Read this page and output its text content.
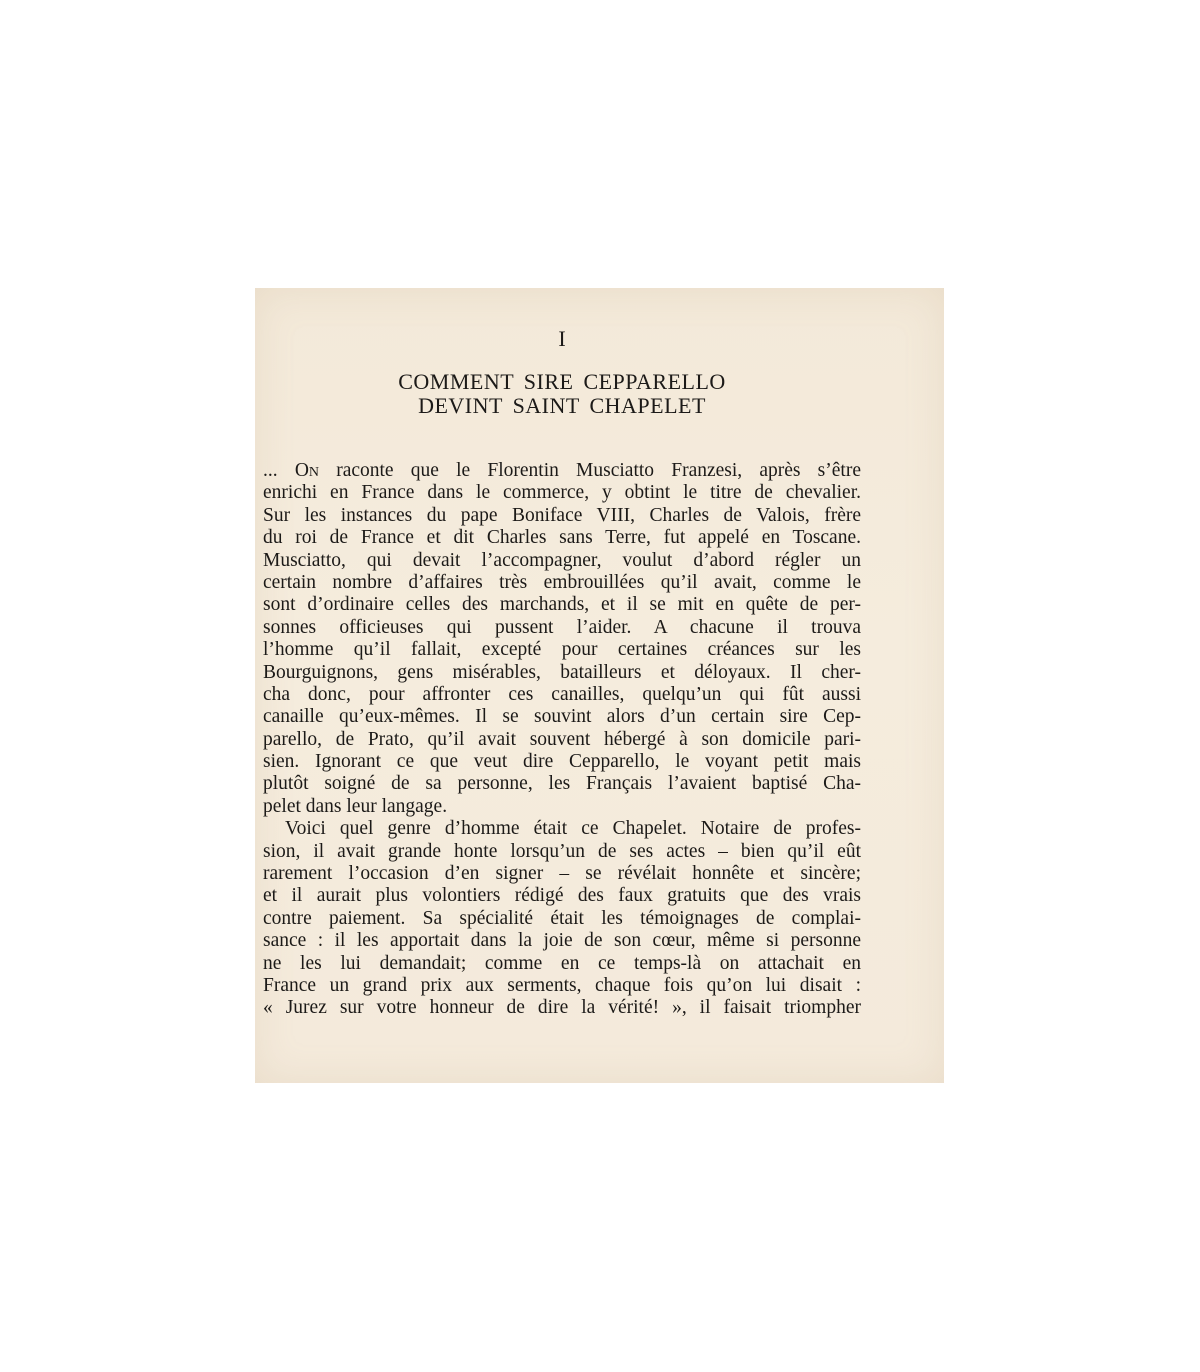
I
COMMENT SIRE CEPPARELLO
DEVINT SAINT CHAPELET
... On raconte que le Florentin Musciatto Franzesi, après s’être
enrichi en France dans le commerce, y obtint le titre de chevalier.
Sur les instances du pape Boniface VIII, Charles de Valois, frère
du roi de France et dit Charles sans Terre, fut appelé en Toscane.
Musciatto, qui devait l’accompagner, voulut d’abord régler un
certain nombre d’affaires très embrouillées qu’il avait, comme le
sont d’ordinaire celles des marchands, et il se mit en quête de per-
sonnes officieuses qui pussent l’aider. A chacune il trouva
l’homme qu’il fallait, excepté pour certaines créances sur les
Bourguignons, gens misérables, batailleurs et déloyaux. Il cher-
cha donc, pour affronter ces canailles, quelqu’un qui fût aussi
canaille qu’eux-mêmes. Il se souvint alors d’un certain sire Cep-
parello, de Prato, qu’il avait souvent hébergé à son domicile pari-
sien. Ignorant ce que veut dire Cepparello, le voyant petit mais
plutôt soigné de sa personne, les Français l’avaient baptisé Cha-
pelet dans leur langage.
Voici quel genre d’homme était ce Chapelet. Notaire de profes-
sion, il avait grande honte lorsqu’un de ses actes – bien qu’il eût
rarement l’occasion d’en signer – se révélait honnête et sincère;
et il aurait plus volontiers rédigé des faux gratuits que des vrais
contre paiement. Sa spécialité était les témoignages de complai-
sance : il les apportait dans la joie de son cœur, même si personne
ne les lui demandait; comme en ce temps-là on attachait en
France un grand prix aux serments, chaque fois qu’on lui disait :
« Jurez sur votre honneur de dire la vérité! », il faisait triompher
